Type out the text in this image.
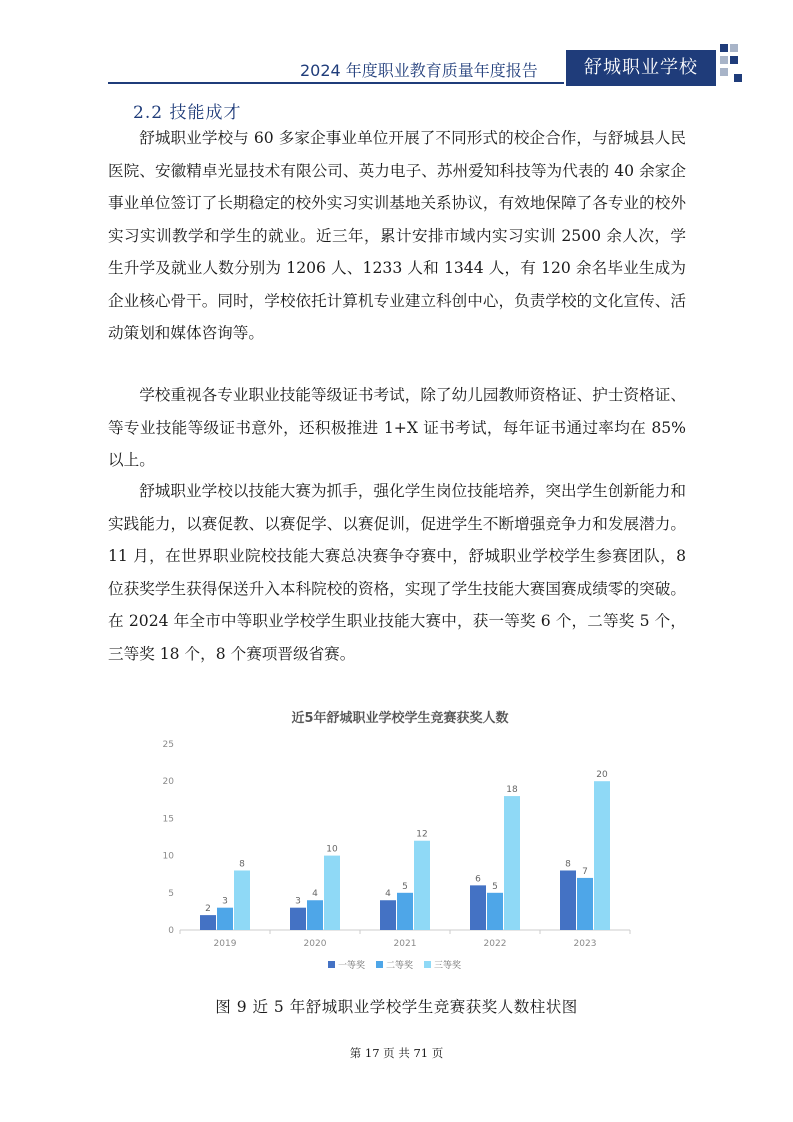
2024 年度职业教育质量年度报告	舒城职业学校
2.2 技能成才

舒城职业学校与 60 多家企事业单位开展了不同形式的校企合作，与舒城县人民医院、安徽精卓光显技术有限公司、英力电子、苏州爱知科技等为代表的 40 余家企事业单位签订了长期稳定的校外实习实训基地关系协议，有效地保障了各专业的校外实习实训教学和学生的就业。近三年，累计安排市域内实习实训 2500 余人次，学生升学及就业人数分别为 1206 人、1233 人和 1344 人，有 120 余名毕业生成为企业核心骨干。同时，学校依托计算机专业建立科创中心，负责学校的文化宣传、活动策划和媒体咨询等。

学校重视各专业职业技能等级证书考试，除了幼儿园教师资格证、护士资格证、等专业技能等级证书意外，还积极推进 1+X 证书考试，每年证书通过率均在 85%以上。

舒城职业学校以技能大赛为抓手，强化学生岗位技能培养，突出学生创新能力和实践能力，以赛促教、以赛促学、以赛促训，促进学生不断增强竞争力和发展潜力。11 月，在世界职业院校技能大赛总决赛争夺赛中，舒城职业学校学生参赛团队，8 位获奖学生获得保送升入本科院校的资格，实现了学生技能大赛国赛成绩零的突破。在 2024 年全市中等职业学校学生职业技能大赛中，获一等奖 6 个，二等奖 5 个，三等奖 18 个，8 个赛项晋级省赛。

近5年舒城职业学校学生竞赛获奖人数
0
5
10
15
20
25
2019
2
3
8
2020
3
4
10
2021
4
5
12
2022
6
5
18
2023
8
7
20
一等奖 二等奖 三等奖
图 9 近 5 年舒城职业学校学生竞赛获奖人数柱状图
第 17 页 共 71 页
